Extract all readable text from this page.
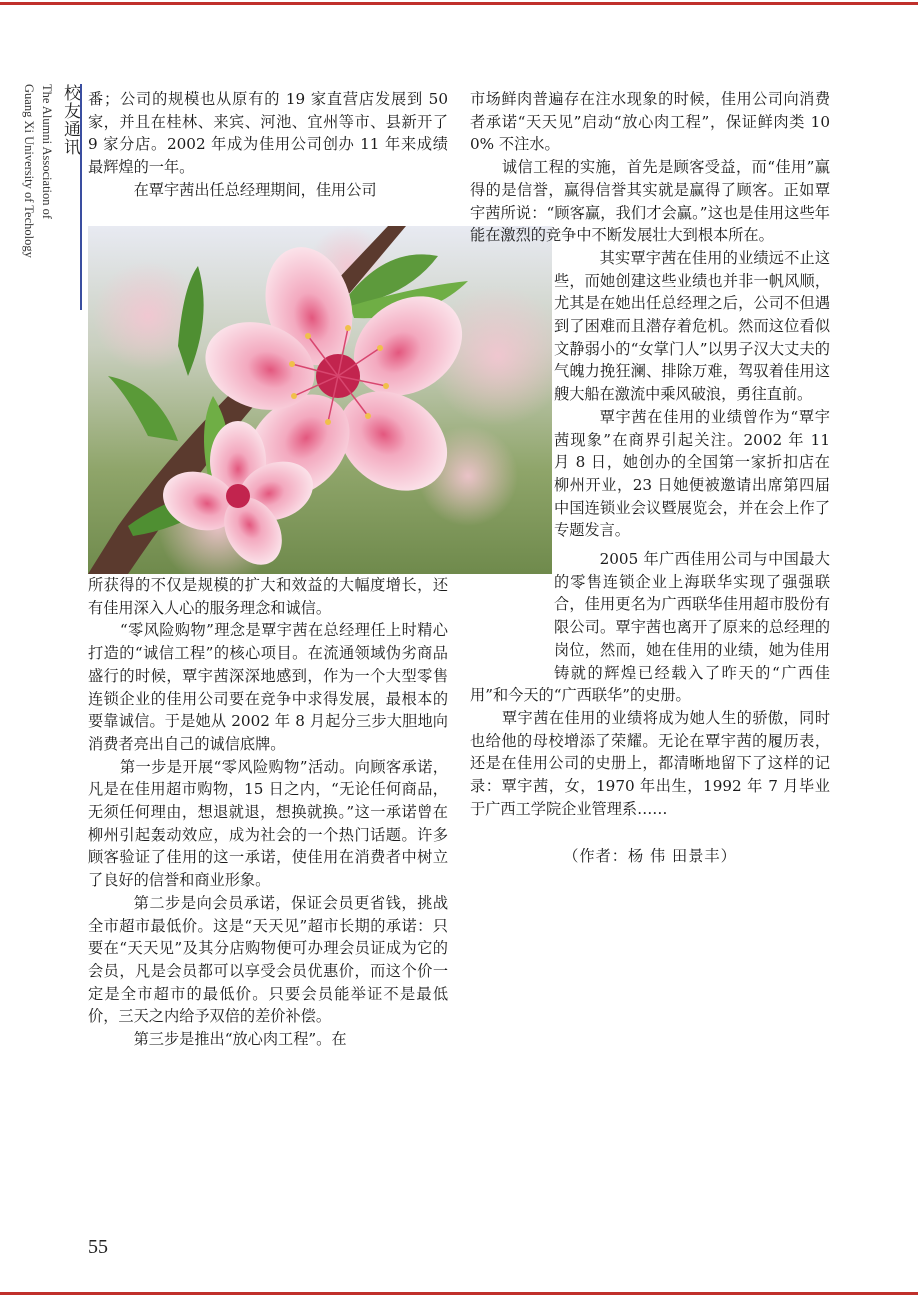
校友通讯
The Alumni Association of
Guang Xi University of Techology	番；公司的规模也从原有的 19 家直营店发展到 50 家，并且在桂林、来宾、河池、宜州等市、县新开了 9 家分店。2002 年成为佳用公司创办 11 年来成绩最辉煌的一年。

在覃宇茜出任总经理期间，佳用公司

所获得的不仅是规模的扩大和效益的大幅度增长，还有佳用深入人心的服务理念和诚信。

“零风险购物”理念是覃宇茜在总经理任上时精心打造的“诚信工程”的核心项目。在流通领域伪劣商品盛行的时候，覃宇茜深深地感到，作为一个大型零售连锁企业的佳用公司要在竞争中求得发展，最根本的要靠诚信。于是她从 2002 年 8 月起分三步大胆地向消费者亮出自己的诚信底牌。

第一步是开展“零风险购物”活动。向顾客承诺，凡是在佳用超市购物，15 日之内，“无论任何商品，无须任何理由，想退就退，想换就换。”这一承诺曾在柳州引起轰动效应，成为社会的一个热门话题。许多顾客验证了佳用的这一承诺，使佳用在消费者中树立了良好的信誉和商业形象。

第二步是向会员承诺，保证会员更省钱，挑战全市超市最低价。这是“天天见”超市长期的承诺：只要在“天天见”及其分店购物便可办理会员证成为它的会员，凡是会员都可以享受会员优惠价，而这个价一定是全市超市的最低价。只要会员能举证不是最低价，三天之内给予双倍的差价补偿。

第三步是推出“放心肉工程”。在

市场鲜肉普遍存在注水现象的时候，佳用公司向消费者承诺“天天见”启动“放心肉工程”，保证鲜肉类 100% 不注水。

诚信工程的实施，首先是顾客受益，而“佳用”赢得的是信誉，赢得信誉其实就是赢得了顾客。正如覃宇茜所说：“顾客赢，我们才会赢。”这也是佳用这些年能在激烈的竞争中不断发展壮大到根本所在。

其实覃宇茜在佳用的业绩远不止这些，而她创建这些业绩也并非一帆风顺，尤其是在她出任总经理之后，公司不但遇到了困难而且潜存着危机。然而这位看似文静弱小的“女掌门人”以男子汉大丈夫的气魄力挽狂澜、排除万难，驾驭着佳用这艘大船在激流中乘风破浪，勇往直前。

覃宇茜在佳用的业绩曾作为“覃宇茜现象”在商界引起关注。2002 年 11 月 8 日，她创办的全国第一家折扣店在柳州开业，23 日她便被邀请出席第四届中国连锁业会议暨展览会，并在会上作了专题发言。

2005 年广西佳用公司与中国最大的零售连锁企业上海联华实现了强强联合，佳用更名为广西联华佳用超市股份有限公司。覃宇茜也离开了原来的总经理的岗位，然而，她在佳用的业绩，她为佳用铸就的辉煌已经载入了昨天的“广西佳用”和今天的“广西联华”的史册。

覃宇茜在佳用的业绩将成为她人生的骄傲，同时也给他的母校增添了荣耀。无论在覃宇茜的履历表，还是在佳用公司的史册上，都清晰地留下了这样的记录：覃宇茜，女，1970 年出生，1992 年 7 月毕业于广西工学院企业管理系……

（作者：杨 伟 田景丰）

55
